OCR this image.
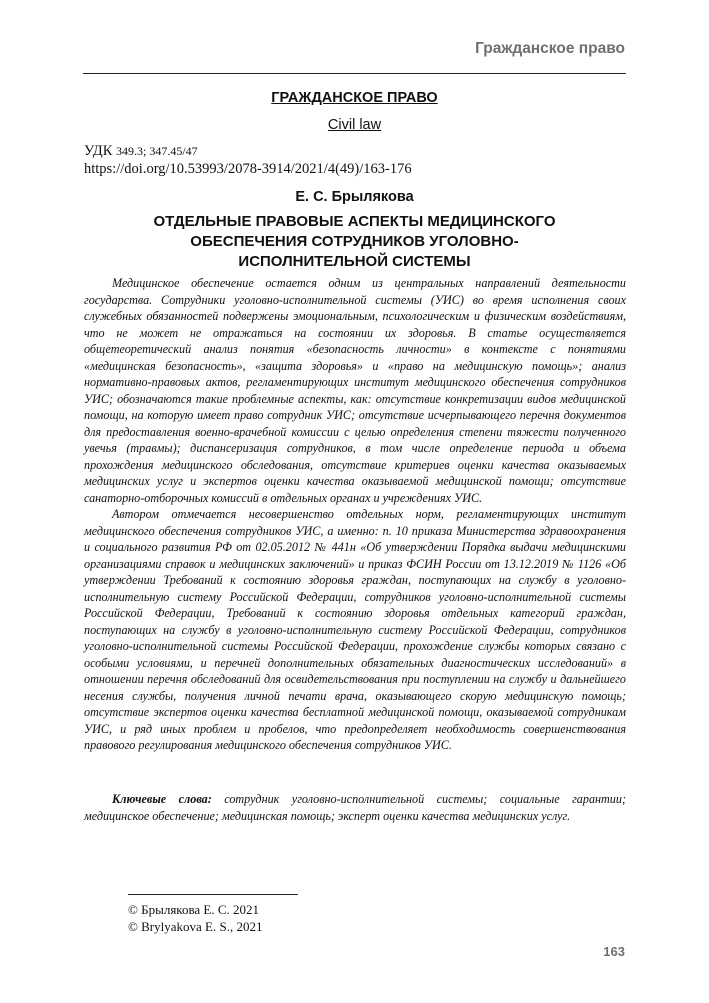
Гражданское право
ГРАЖДАНСКОЕ ПРАВО
Civil law
УДК 349.3; 347.45/47
https://doi.org/10.53993/2078-3914/2021/4(49)/163-176
Е. С. Брылякова
ОТДЕЛЬНЫЕ ПРАВОВЫЕ АСПЕКТЫ МЕДИЦИНСКОГО ОБЕСПЕЧЕНИЯ СОТРУДНИКОВ УГОЛОВНО-ИСПОЛНИТЕЛЬНОЙ СИСТЕМЫ

Медицинское обеспечение остается одним из центральных направлений деятельности государства. Сотрудники уголовно-исполнительной системы (УИС) во время исполнения своих служебных обязанностей подвержены эмоциональным, психологическим и физическим воздействиям, что не может не отражаться на состоянии их здоровья. В статье осуществляется общетеоретический анализ понятия «безопасность личности» в контексте с понятиями «медицинская безопасность», «защита здоровья» и «право на медицинскую помощь»; анализ нормативно-правовых актов, регламентирующих институт медицинского обеспечения сотрудников УИС; обозначаются такие проблемные аспекты, как: отсутствие конкретизации видов медицинской помощи, на которую имеет право сотрудник УИС; отсутствие исчерпывающего перечня документов для предоставления военно-врачебной комиссии с целью определения степени тяжести полученного увечья (травмы); диспансеризация сотрудников, в том числе определение периода и объема прохождения медицинского обследования, отсутствие критериев оценки качества оказываемых медицинских услуг и экспертов оценки качества оказываемой медицинской помощи; отсутствие санаторно-отборочных комиссий в отдельных органах и учреждениях УИС.

Автором отмечается несовершенство отдельных норм, регламентирующих институт медицинского обеспечения сотрудников УИС, а именно: п. 10 приказа Министерства здравоохранения и социального развития РФ от 02.05.2012 № 441н «Об утверждении Порядка выдачи медицинскими организациями справок и медицинских заключений» и приказ ФСИН России от 13.12.2019 № 1126 «Об утверждении Требований к состоянию здоровья граждан, поступающих на службу в уголовно-исполнительную систему Российской Федерации, сотрудников уголовно-исполнительной системы Российской Федерации, Требований к состоянию здоровья отдельных категорий граждан, поступающих на службу в уголовно-исполнительную систему Российской Федерации, сотрудников уголовно-исполнительной системы Российской Федерации, прохождение службы которых связано с особыми условиями, и перечней дополнительных обязательных диагностических исследований» в отношении перечня обследований для освидетельствования при поступлении на службу и дальнейшего несения службы, получения личной печати врача, оказывающего скорую медицинскую помощь; отсутствие экспертов оценки качества бесплатной медицинской помощи, оказываемой сотрудникам УИС, и ряд иных проблем и пробелов, что предопределяет необходимость совершенствования правового регулирования медицинского обеспечения сотрудников УИС.

Ключевые слова: сотрудник уголовно-исполнительной системы; социальные гарантии; медицинское обеспечение; медицинская помощь; эксперт оценки качества медицинских услуг.

© Брылякова Е. С. 2021
© Brylyakova E. S., 2021
163
